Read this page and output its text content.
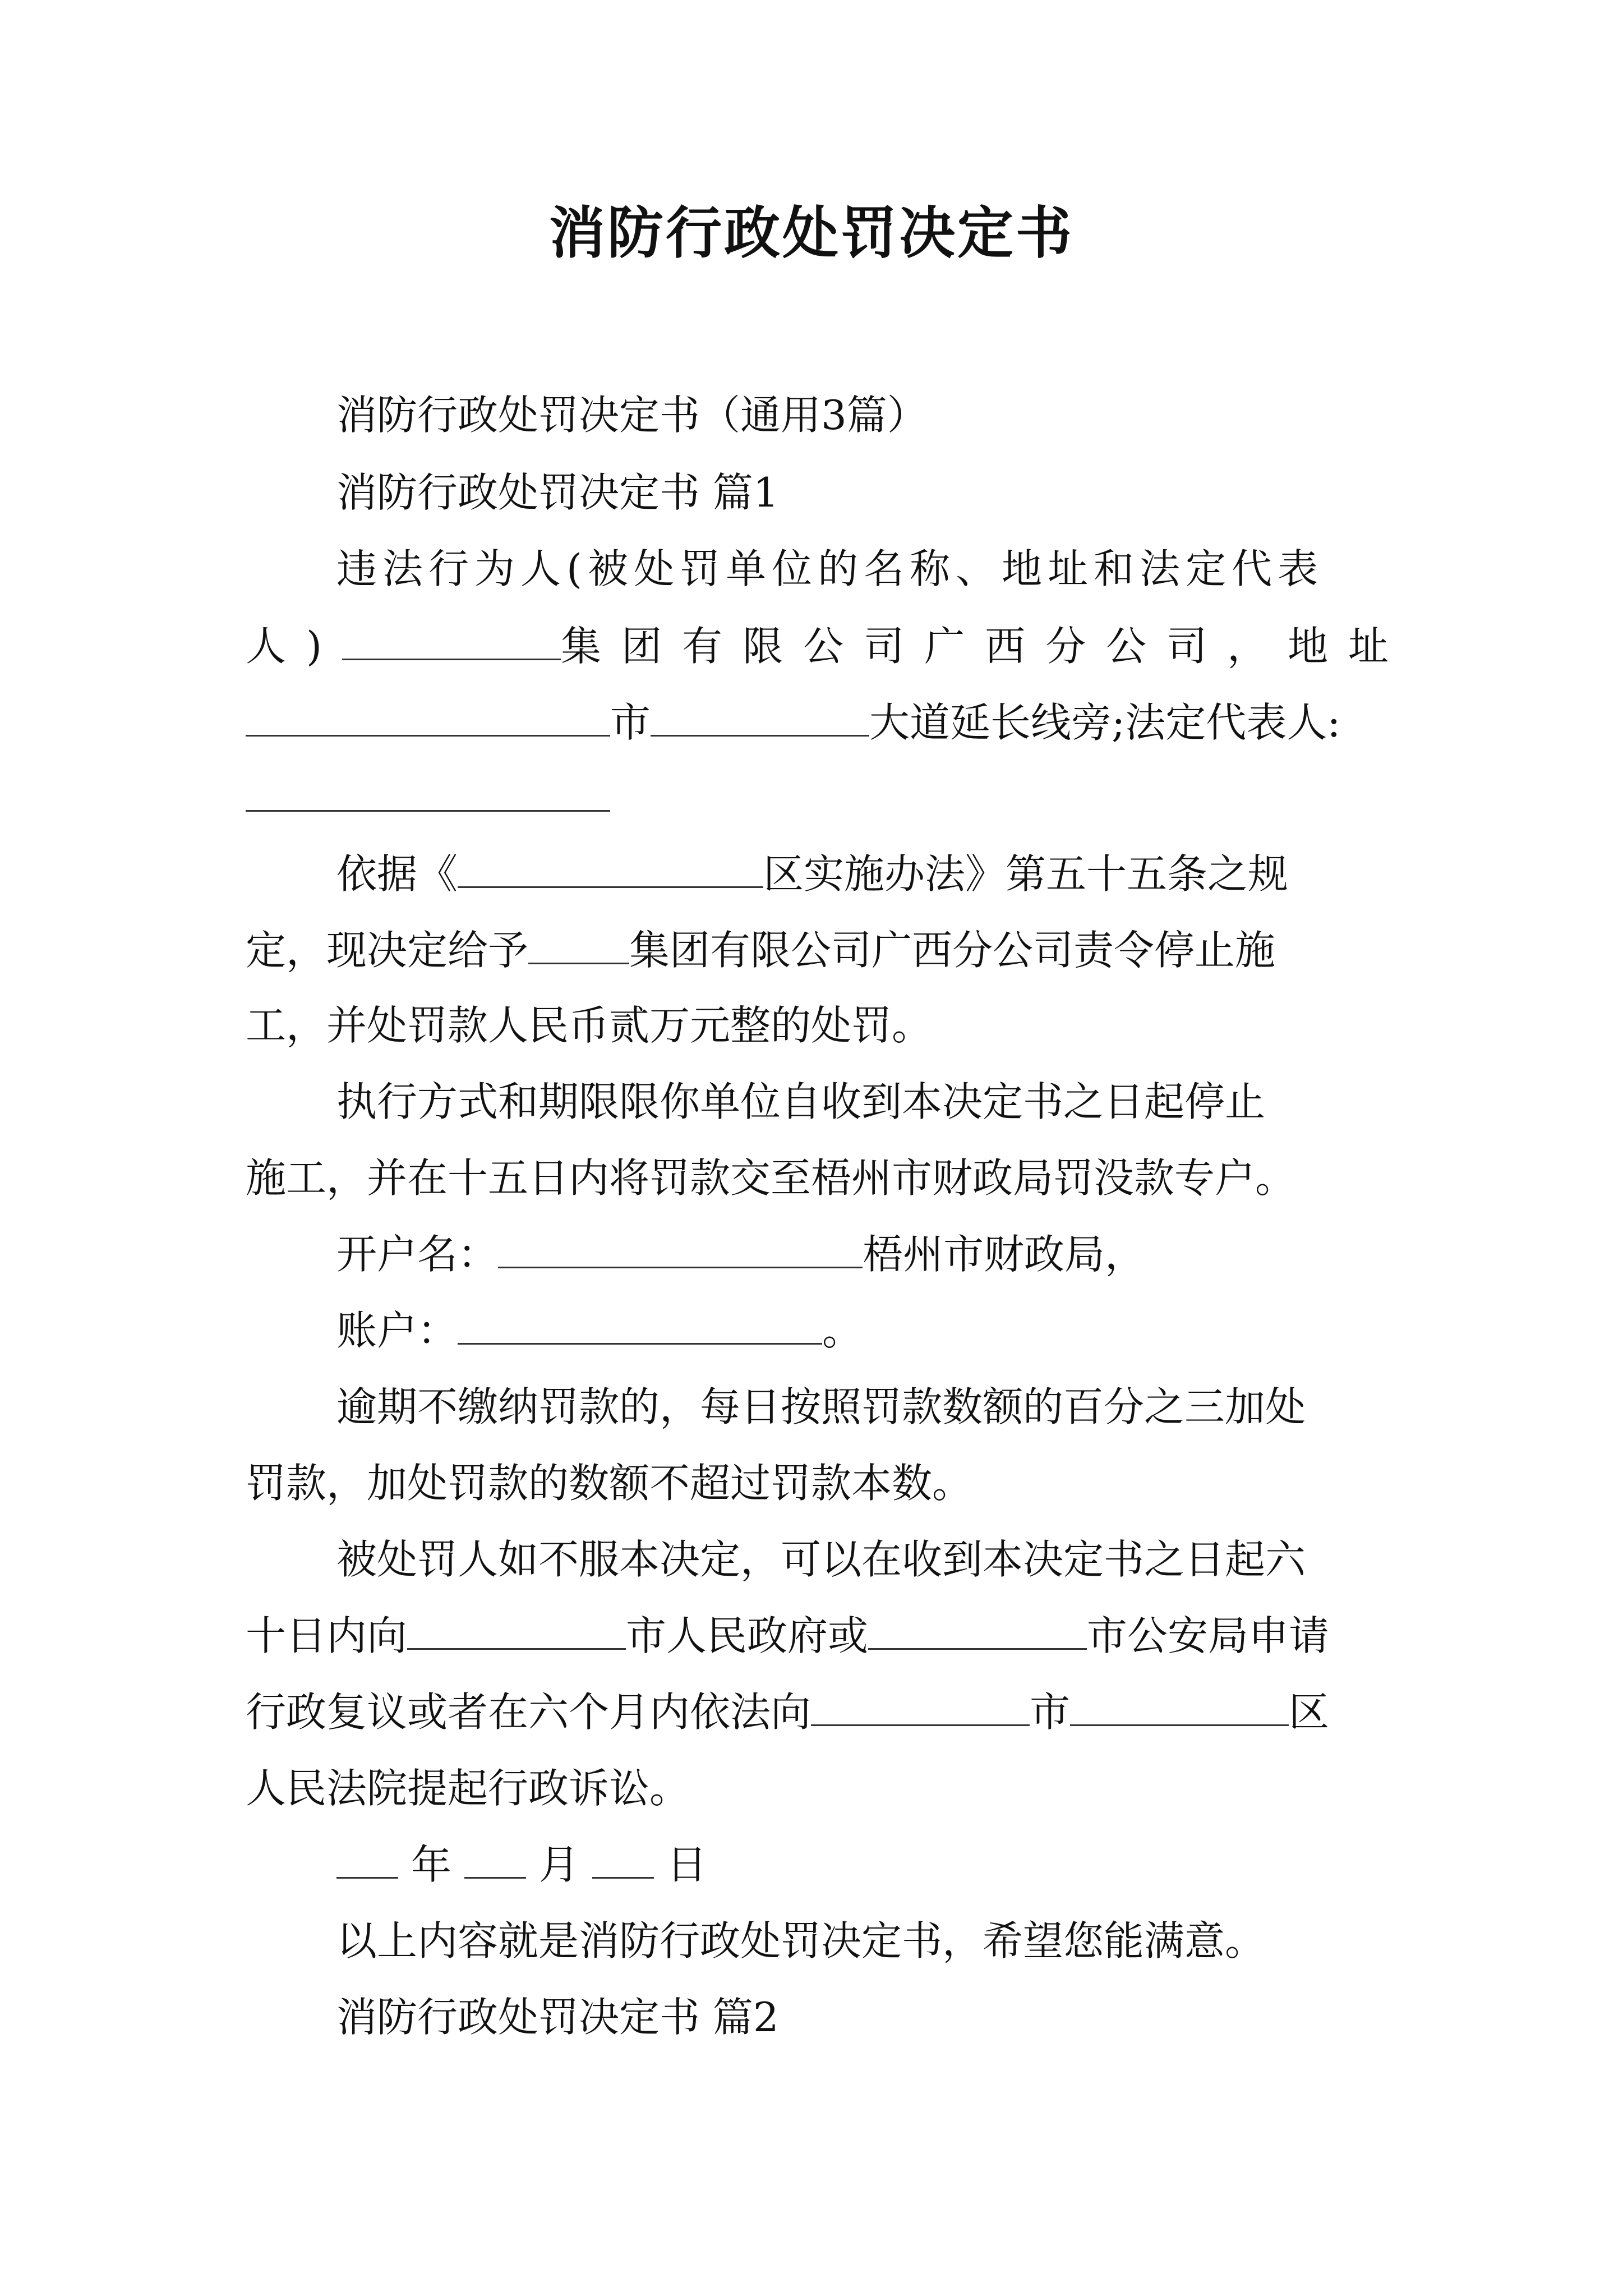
消防行政处罚决定书
消防行政处罚决定书（通用3篇）
消防行政处罚决定书 篇1
违法行为人(被处罚单位的名称、地址和法定代表
人)	集团有限公司广西分公司，地址
市	大道延长线旁;法定代表人:
依据《	区实施办法》第五十五条之规
定，现决定给予	集团有限公司广西分公司责令停止施
工，并处罚款人民币贰万元整的处罚。
执行方式和期限限你单位自收到本决定书之日起停止
施工，并在十五日内将罚款交至梧州市财政局罚没款专户。
开户名：	梧州市财政局，
账户：	。
逾期不缴纳罚款的，每日按照罚款数额的百分之三加处
罚款，加处罚款的数额不超过罚款本数。
被处罚人如不服本决定，可以在收到本决定书之日起六
十日内向	市人民政府或	市公安局申请
行政复议或者在六个月内依法向	市	区
人民法院提起行政诉讼。
年 月 日
以上内容就是消防行政处罚决定书，希望您能满意。
消防行政处罚决定书 篇2
